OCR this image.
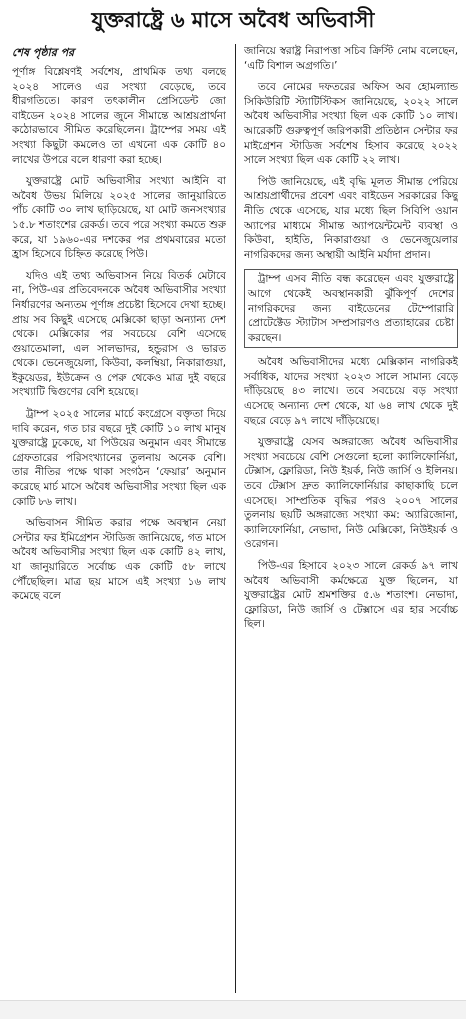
যুক্তরাষ্ট্রে ৬ মাসে অবৈধ অভিবাসী
শেষ পৃষ্ঠার পর

পূর্ণাঙ্গ বিশ্লেষণই সর্বশেষ, প্রাথমিক তথ্য বলছে ২০২৪ সালেও এর সংখ্যা বেড়েছে, তবে ধীরগতিতে। কারণ তৎকালীন প্রেসিডেন্ট জো বাইডেন ২০২৪ সালের জুনে সীমান্তে আশ্রয়প্রার্থনা কঠোরভাবে সীমিত করেছিলেন। ট্রাম্পের সময় এই সংখ্যা কিছুটা কমলেও তা এখনো এক কোটি ৪০ লাখের উপরে বলে ধারণা করা হচ্ছে।

যুক্তরাষ্ট্রে মোট অভিবাসীর সংখ্যা আইনি বা অবৈধ উভয় মিলিয়ে ২০২৫ সালের জানুয়ারিতে পাঁচ কোটি ৩০ লাখ ছাড়িয়েছে, যা মোট জনসংখ্যার ১৫.৮ শতাংশের রেকর্ড। তবে পরে সংখ্যা কমতে শুরু করে, যা ১৯৬০-এর দশকের পর প্রথমবারের মতো হ্রাস হিসেবে চিহ্নিত করেছে পিউ।

যদিও এই তথ্য অভিবাসন নিয়ে বিতর্ক মেটাবে না, পিউ-এর প্রতিবেদনকে অবৈধ অভিবাসীর সংখ্যা নির্ধারণের অন্যতম পূর্ণাঙ্গ প্রচেষ্টা হিসেবে দেখা হচ্ছে। প্রায় সব কিছুই এসেছে মেক্সিকো ছাড়া অন্যান্য দেশ থেকে। মেক্সিকোর পর সবচেয়ে বেশি এসেছে গুয়াতেমালা, এল সালভাদর, হন্ডুরাস ও ভারত থেকে। ভেনেজুয়েলা, কিউবা, কলম্বিয়া, নিকারাগুয়া, ইকুয়েডর, ইউক্রেন ও পেরু থেকেও মাত্র দুই বছরে সংখ্যাটি দ্বিগুণের বেশি হয়েছে।

ট্রাম্প ২০২৫ সালের মার্চে কংগ্রেসে বক্তৃতা দিয়ে দাবি করেন, গত চার বছরে দুই কোটি ১০ লাখ মানুষ যুক্তরাষ্ট্রে ঢুকেছে, যা পিউয়ের অনুমান এবং সীমান্তে গ্রেফতারের পরিসংখ্যানের তুলনায় অনেক বেশি। তার নীতির পক্ষে থাকা সংগঠন ‘ফেয়ার’ অনুমান করেছে মার্চ মাসে অবৈধ অভিবাসীর সংখ্যা ছিল এক কোটি ৮৬ লাখ।

অভিবাসন সীমিত করার পক্ষে অবস্থান নেয়া সেন্টার ফর ইমিগ্রেশন স্টাডিজ জানিয়েছে, গত মাসে অবৈধ অভিবাসীর সংখ্যা ছিল এক কোটি ৪২ লাখ, যা জানুয়ারিতে সর্বোচ্চ এক কোটি ৫৮ লাখে পৌঁছেছিল। মাত্র ছয় মাসে এই সংখ্যা ১৬ লাখ কমেছে বলে

জানিয়ে স্বরাষ্ট্র নিরাপত্তা সচিব ক্রিস্টি নোম বলেছেন, ‘এটি বিশাল অগ্রগতি।’

তবে নোমের দফতরের অফিস অব হোমল্যান্ড সিকিউরিটি স্ট্যাটিস্টিকস জানিয়েছে, ২০২২ সালে অবৈধ অভিবাসীর সংখ্যা ছিল এক কোটি ১০ লাখ। আরেকটি গুরুত্বপূর্ণ জরিপকারী প্রতিষ্ঠান সেন্টার ফর মাইগ্রেশন স্টাডিজ সর্বশেষ হিসাব করেছে ২০২২ সালে সংখ্যা ছিল এক কোটি ২২ লাখ।

পিউ জানিয়েছে, এই বৃদ্ধি মূলত সীমান্ত পেরিয়ে আশ্রয়প্রার্থীদের প্রবেশ এবং বাইডেন সরকারের কিছু নীতি থেকে এসেছে, যার মধ্যে ছিল সিবিপি ওয়ান অ্যাপের মাধ্যমে সীমান্ত অ্যাপয়েন্টমেন্ট ব্যবস্থা ও কিউবা, হাইতি, নিকারাগুয়া ও ভেনেজুয়েলার নাগরিকদের জন্য অস্থায়ী আইনি মর্যাদা প্রদান।

ট্রাম্প এসব নীতি বন্ধ করেছেন এবং যুক্তরাষ্ট্রে আগে থেকেই অবস্থানকারী ঝুঁকিপূর্ণ দেশের নাগরিকদের জন্য বাইডেনের টেম্পোরারি প্রোটেক্টেড স্ট্যাটাস সম্প্রসারণও প্রত্যাহারের চেষ্টা করছেন।

অবৈধ অভিবাসীদের মধ্যে মেক্সিকান নাগরিকই সর্বাধিক, যাদের সংখ্যা ২০২৩ সালে সামান্য বেড়ে দাঁড়িয়েছে ৪৩ লাখে। তবে সবচেয়ে বড় সংখ্যা এসেছে অন্যান্য দেশ থেকে, যা ৬৪ লাখ থেকে দুই বছরে বেড়ে ৯৭ লাখে দাঁড়িয়েছে।

যুক্তরাষ্ট্রে যেসব অঙ্গরাজ্যে অবৈধ অভিবাসীর সংখ্যা সবচেয়ে বেশি সেগুলো হলো ক্যালিফোর্নিয়া, টেক্সাস, ফ্লোরিডা, নিউ ইয়র্ক, নিউ জার্সি ও ইলিনয়। তবে টেক্সাস দ্রুত ক্যালিফোর্নিয়ার কাছাকাছি চলে এসেছে। সাম্প্রতিক বৃদ্ধির পরও ২০০৭ সালের তুলনায় ছয়টি অঙ্গরাজ্যে সংখ্যা কম: অ্যারিজোনা, ক্যালিফোর্নিয়া, নেভাদা, নিউ মেক্সিকো, নিউইয়র্ক ও ওরেগন।

পিউ-এর হিসাবে ২০২৩ সালে রেকর্ড ৯৭ লাখ অবৈধ অভিবাসী কর্মক্ষেত্রে যুক্ত ছিলেন, যা যুক্তরাষ্ট্রের মোট শ্রমশক্তির ৫.৬ শতাংশ। নেভাদা, ফ্লোরিডা, নিউ জার্সি ও টেক্সাসে এর হার সর্বোচ্চ ছিল।
